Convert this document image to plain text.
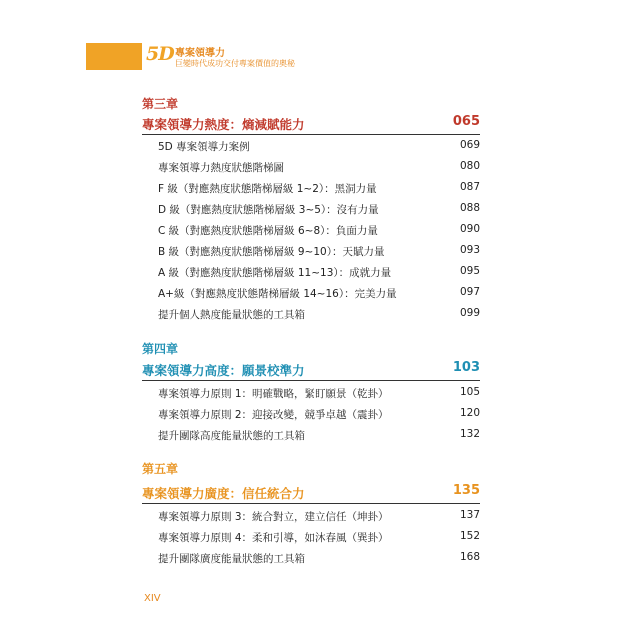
5D 專案領導力
巨變時代成功交付專案價值的奧秘
第三章
專案領導力熱度：熵減賦能力	065
5D 專案領導力案例	069
專案領導力熱度狀態階梯圖	080
F 級（對應熱度狀態階梯層級 1~2）：黑洞力量	087
D 級（對應熱度狀態階梯層級 3~5）：沒有力量	088
C 級（對應熱度狀態階梯層級 6~8）：負面力量	090
B 級（對應熱度狀態階梯層級 9~10）：天賦力量	093
A 級（對應熱度狀態階梯層級 11~13）：成就力量	095
A+級（對應熱度狀態階梯層級 14~16）：完美力量	097
提升個人熱度能量狀態的工具箱	099
第四章
專案領導力高度：願景校準力	103
專案領導力原則 1：明確戰略，緊盯願景（乾卦）	105
專案領導力原則 2：迎接改變，競爭卓越（震卦）	120
提升團隊高度能量狀態的工具箱	132
第五章
專案領導力廣度：信任統合力	135
專案領導力原則 3：統合對立，建立信任（坤卦）	137
專案領導力原則 4：柔和引導，如沐春風（巽卦）	152
提升團隊廣度能量狀態的工具箱	168
XIV
